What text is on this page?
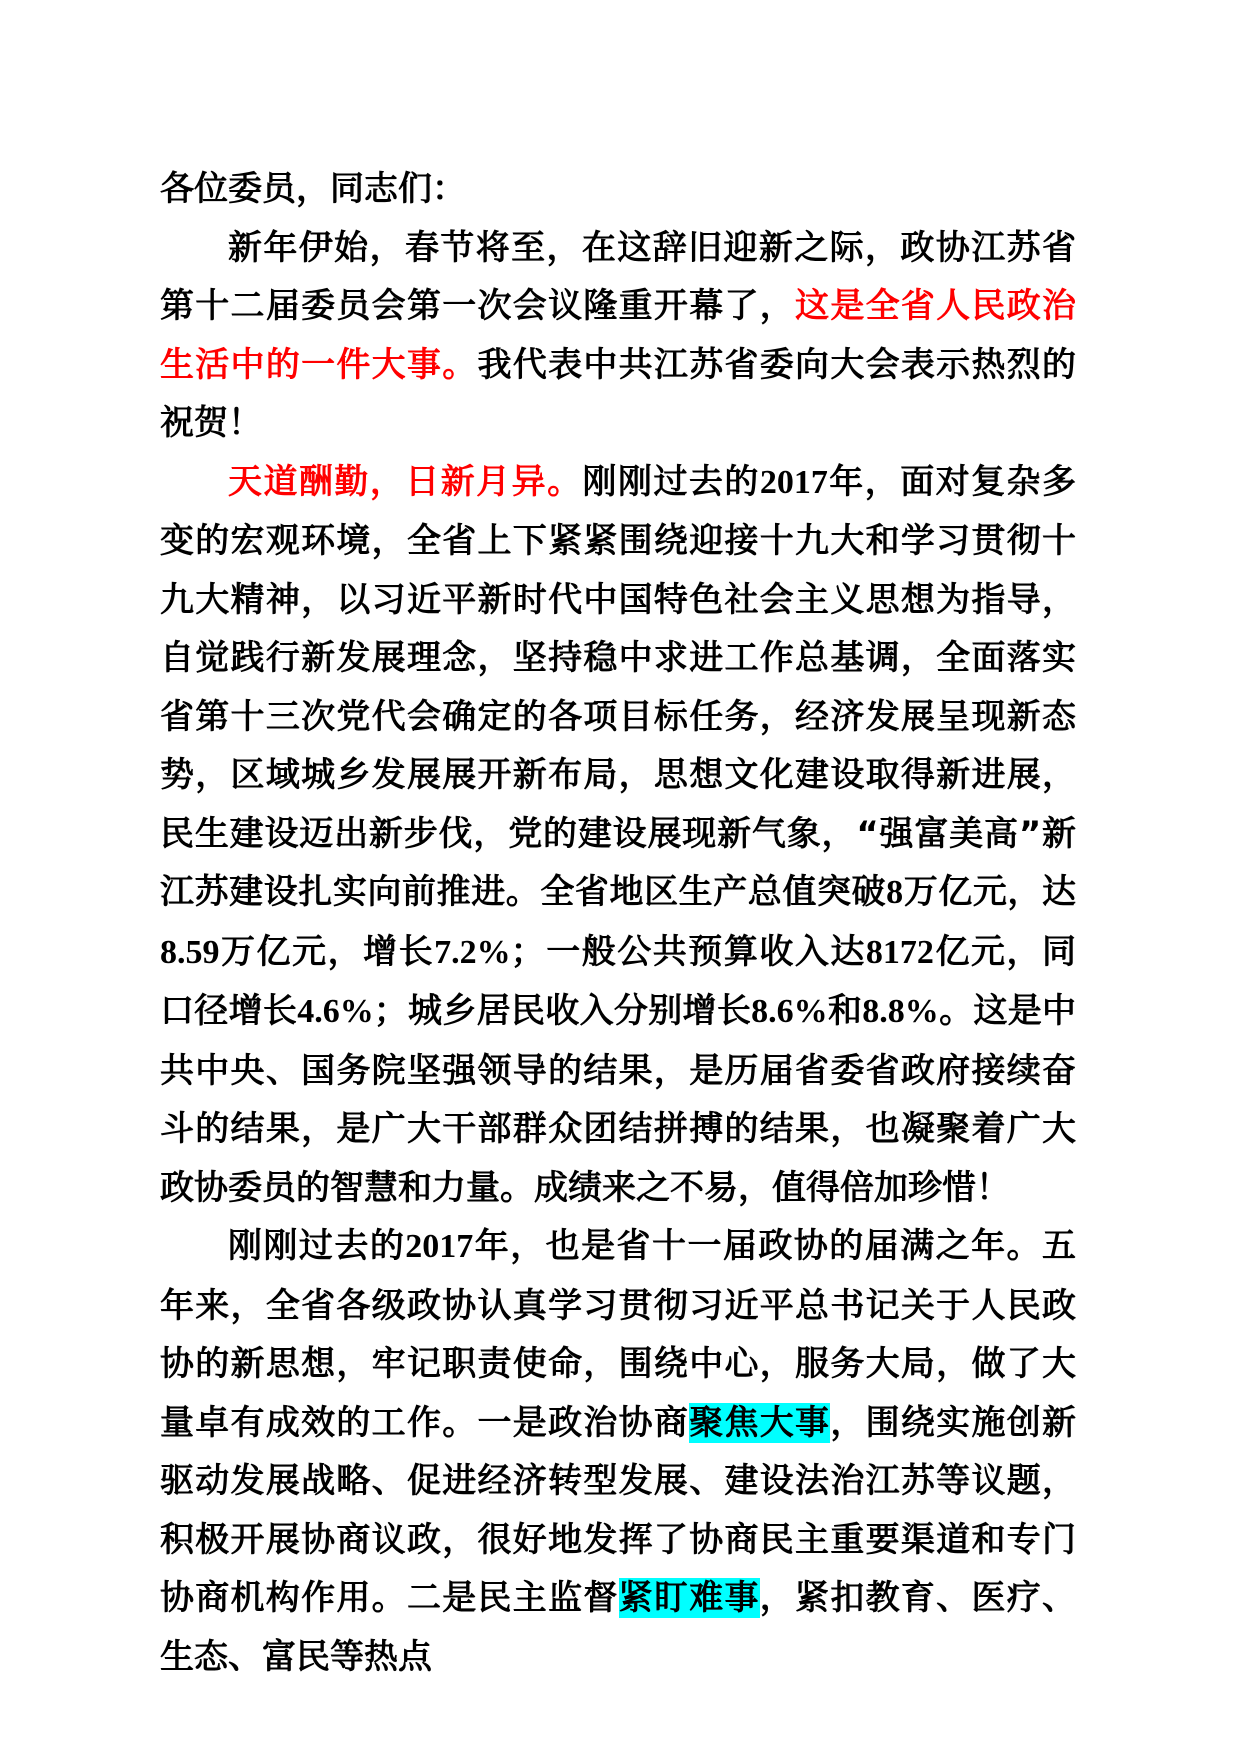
各位委员，同志们：

新年伊始，春节将至，在这辞旧迎新之际，政协江苏省第十二届委员会第一次会议隆重开幕了，这是全省人民政治生活中的一件大事。我代表中共江苏省委向大会表示热烈的祝贺！

天道酬勤，日新月异。刚刚过去的2017年，面对复杂多变的宏观环境，全省上下紧紧围绕迎接十九大和学习贯彻十九大精神，以习近平新时代中国特色社会主义思想为指导，自觉践行新发展理念，坚持稳中求进工作总基调，全面落实省第十三次党代会确定的各项目标任务，经济发展呈现新态势，区域城乡发展展开新布局，思想文化建设取得新进展，民生建设迈出新步伐，党的建设展现新气象，“强富美高”新江苏建设扎实向前推进。全省地区生产总值突破8万亿元，达8.59万亿元，增长7.2%；一般公共预算收入达8172亿元，同口径增长4.6%；城乡居民收入分别增长8.6%和8.8%。这是中共中央、国务院坚强领导的结果，是历届省委省政府接续奋斗的结果，是广大干部群众团结拼搏的结果，也凝聚着广大政协委员的智慧和力量。成绩来之不易，值得倍加珍惜！

刚刚过去的2017年，也是省十一届政协的届满之年。五年来，全省各级政协认真学习贯彻习近平总书记关于人民政协的新思想，牢记职责使命，围绕中心，服务大局，做了大量卓有成效的工作。一是政治协商聚焦大事，围绕实施创新驱动发展战略、促进经济转型发展、建设法治江苏等议题，积极开展协商议政，很好地发挥了协商民主重要渠道和专门协商机构作用。二是民主监督紧盯难事，紧扣教育、医疗、生态、富民等热点
